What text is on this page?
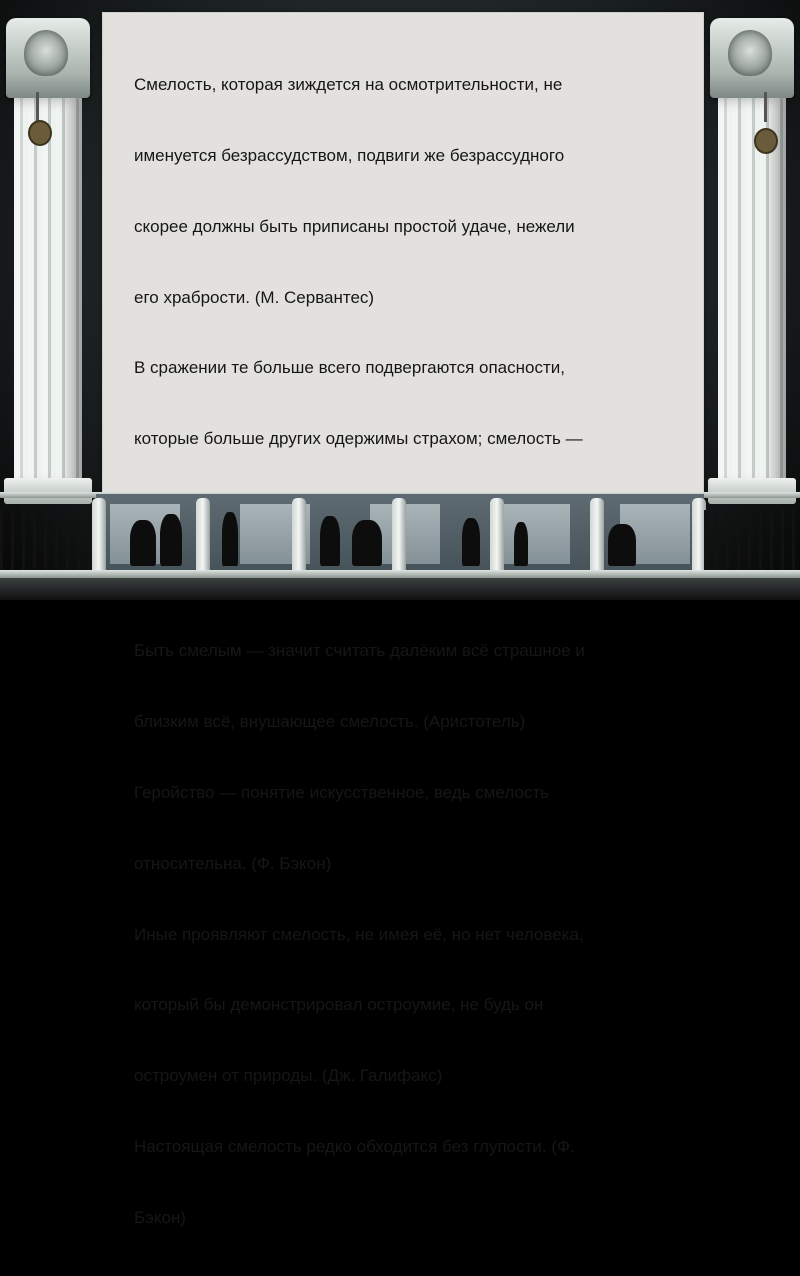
Смелость, которая зиждется на осмотрительности, не

именуется безрассудством, подвиги же безрассудного

скорее должны быть приписаны простой удаче, нежели

его храбрости. (М. Сервантес)

В сражении те больше всего подвергаются опасности,

которые больше других одержимы страхом; смелость —

Быть смелым — значит считать далёким всё страшное и

близким всё, внушающее смелость. (Аристотель)

Геройство — понятие искусственное, ведь смелость

относительна. (Ф. Бэкон)

Иные проявляют смелость, не имея её, но нет человека,

который бы демонстрировал остроумие, не будь он

остроумен от природы. (Дж. Галифакс)

Настоящая смелость редко обходится без глупости. (Ф.

Бэкон)
